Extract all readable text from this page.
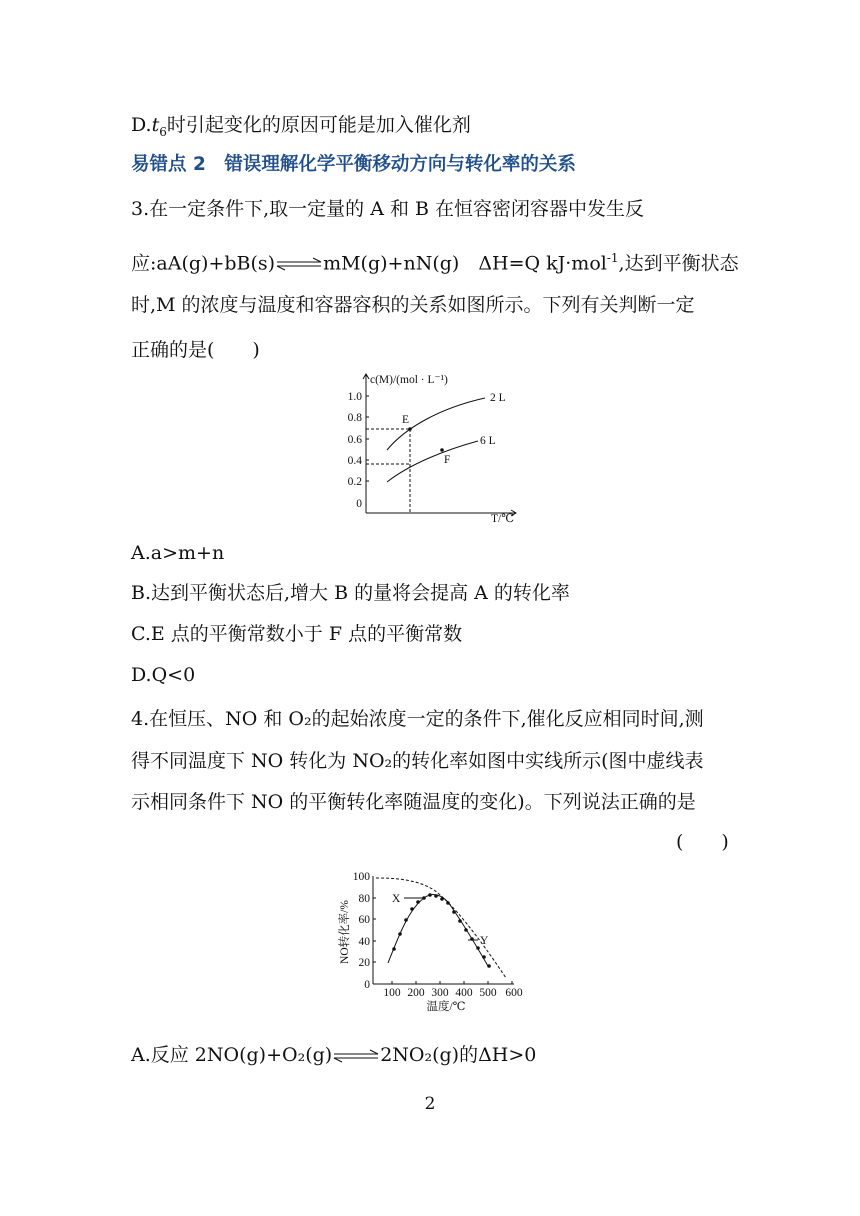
$D.t_6$时引起变化的原因可能是加入催化剂
易错点 2　错误理解化学平衡移动方向与转化率的关系
3.在一定条件下,取一定量的 A 和 B 在恒容密闭容器中发生反
应:aA(g)+bB(s)⇌mM(g)+nN(g)　ΔH=Q kJ·mol$^{-1}$,达到平衡状态
时,M 的浓度与温度和容器容积的关系如图所示。下列有关判断一定
正确的是(　　)
c(M)/(mol · L⁻¹)
1.0
0.8
0.6
0.4
0.2
0
2 L
6 L
E
F
T/℃
A.a>m+n
B.达到平衡状态后,增大 B 的量将会提高 A 的转化率
C.E 点的平衡常数小于 F 点的平衡常数
D.Q<0
4.在恒压、NO 和 O₂的起始浓度一定的条件下,催化反应相同时间,测
得不同温度下 NO 转化为 NO₂的转化率如图中实线所示(图中虚线表
示相同条件下 NO 的平衡转化率随温度的变化)。下列说法正确的是
(　　)
100
80
60
40
20
0
100 200 300 400 500 600
温度/℃
NO转化率/%
X
Y
A.反应 2NO(g)+O₂(g)⇌2NO₂(g)的ΔH>0
2
